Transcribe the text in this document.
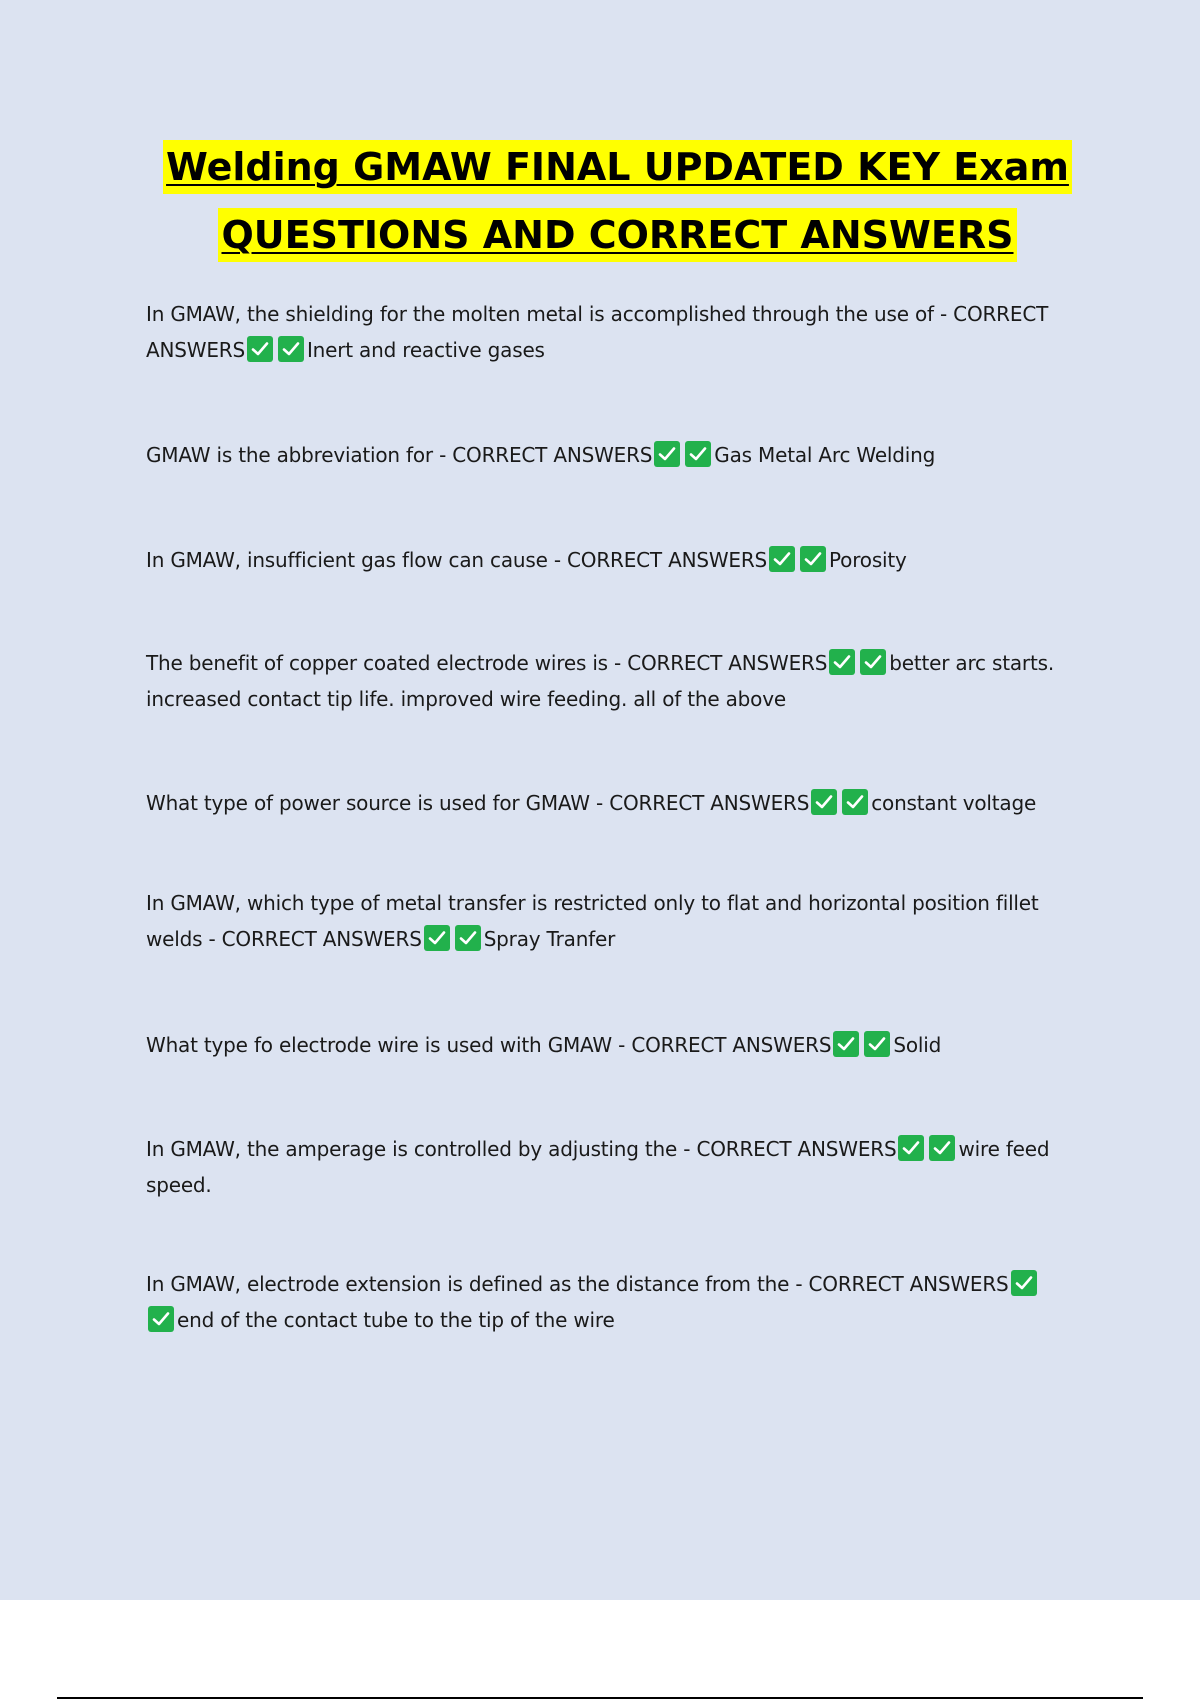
Welding GMAW FINAL UPDATED KEY Exam
QUESTIONS AND CORRECT ANSWERS
In GMAW, the shielding for the molten metal is accomplished through the use of - CORRECT ANSWERS	Inert and reactive gases
GMAW is the abbreviation for - CORRECT ANSWERS	Gas Metal Arc Welding
In GMAW, insufficient gas flow can cause - CORRECT ANSWERS	Porosity
The benefit of copper coated electrode wires is - CORRECT ANSWERS	better arc starts. increased contact tip life. improved wire feeding. all of the above
What type of power source is used for GMAW - CORRECT ANSWERS	constant voltage
In GMAW, which type of metal transfer is restricted only to flat and horizontal position fillet welds - CORRECT ANSWERS	Spray Tranfer
What type fo electrode wire is used with GMAW - CORRECT ANSWERS	Solid
In GMAW, the amperage is controlled by adjusting the - CORRECT ANSWERS	wire feed speed.
In GMAW, electrode extension is defined as the distance from the - CORRECT ANSWERS
end of the contact tube to the tip of the wire
